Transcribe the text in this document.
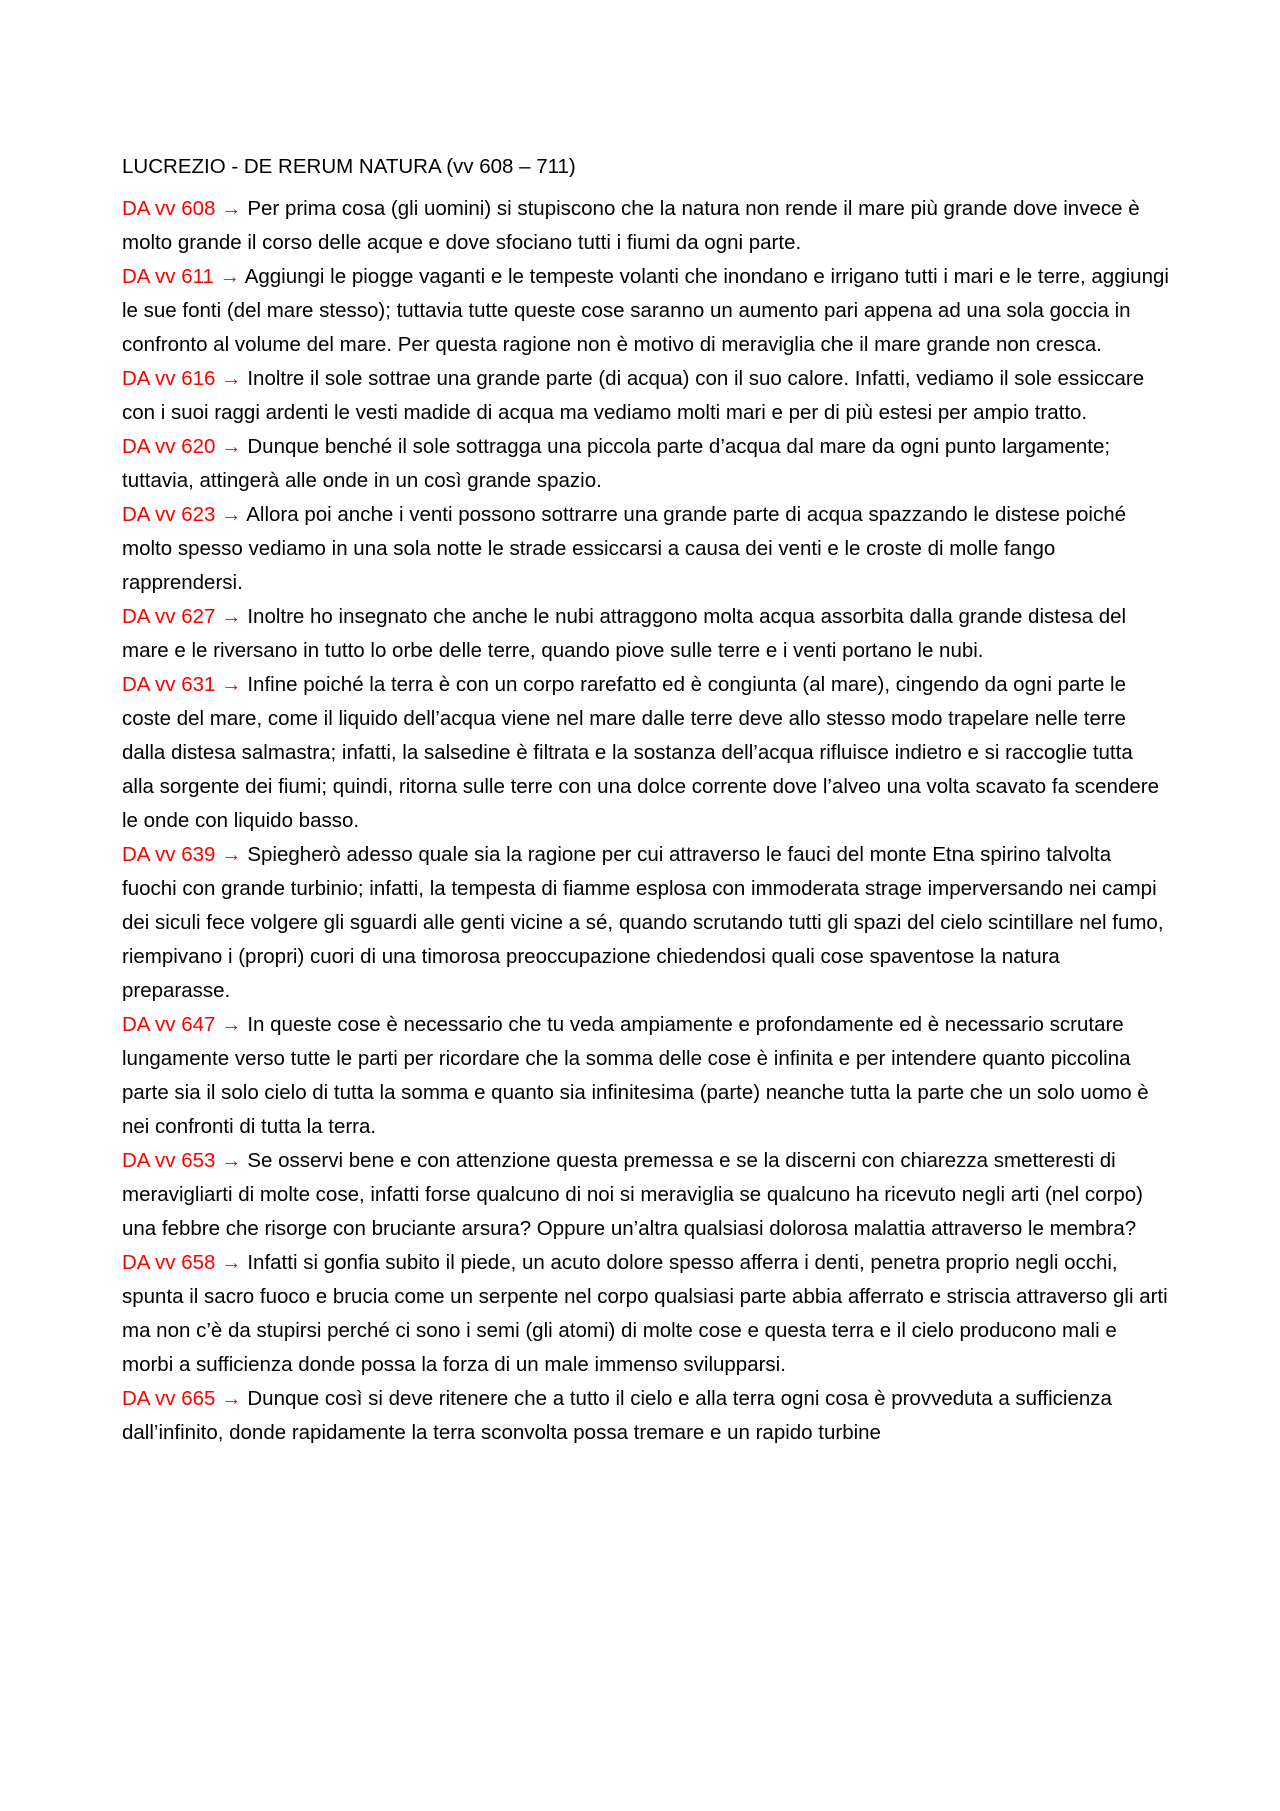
LUCREZIO - DE RERUM NATURA (vv 608 – 711)

DA vv 608 → Per prima cosa (gli uomini) si stupiscono che la natura non rende il mare più grande dove invece è molto grande il corso delle acque e dove sfociano tutti i fiumi da ogni parte.

DA vv 611 → Aggiungi le piogge vaganti e le tempeste volanti che inondano e irrigano tutti i mari e le terre, aggiungi le sue fonti (del mare stesso); tuttavia tutte queste cose saranno un aumento pari appena ad una sola goccia in confronto al volume del mare. Per questa ragione non è motivo di meraviglia che il mare grande non cresca.

DA vv 616 → Inoltre il sole sottrae una grande parte (di acqua) con il suo calore. Infatti, vediamo il sole essiccare con i suoi raggi ardenti le vesti madide di acqua ma vediamo molti mari e per di più estesi per ampio tratto.

DA vv 620 → Dunque benché il sole sottragga una piccola parte d’acqua dal mare da ogni punto largamente; tuttavia, attingerà alle onde in un così grande spazio.

DA vv 623 → Allora poi anche i venti possono sottrarre una grande parte di acqua spazzando le distese poiché molto spesso vediamo in una sola notte le strade essiccarsi a causa dei venti e le croste di molle fango rapprendersi.

DA vv 627 → Inoltre ho insegnato che anche le nubi attraggono molta acqua assorbita dalla grande distesa del mare e le riversano in tutto lo orbe delle terre, quando piove sulle terre e i venti portano le nubi.

DA vv 631 → Infine poiché la terra è con un corpo rarefatto ed è congiunta (al mare), cingendo da ogni parte le coste del mare, come il liquido dell’acqua viene nel mare dalle terre deve allo stesso modo trapelare nelle terre dalla distesa salmastra; infatti, la salsedine è filtrata e la sostanza dell’acqua rifluisce indietro e si raccoglie tutta alla sorgente dei fiumi; quindi, ritorna sulle terre con una dolce corrente dove l’alveo una volta scavato fa scendere le onde con liquido basso.

DA vv 639 → Spiegherò adesso quale sia la ragione per cui attraverso le fauci del monte Etna spirino talvolta fuochi con grande turbinio; infatti, la tempesta di fiamme esplosa con immoderata strage imperversando nei campi dei siculi fece volgere gli sguardi alle genti vicine a sé, quando scrutando tutti gli spazi del cielo scintillare nel fumo, riempivano i (propri) cuori di una timorosa preoccupazione chiedendosi quali cose spaventose la natura preparasse.

DA vv 647 → In queste cose è necessario che tu veda ampiamente e profondamente ed è necessario scrutare lungamente verso tutte le parti per ricordare che la somma delle cose è infinita e per intendere quanto piccolina parte sia il solo cielo di tutta la somma e quanto sia infinitesima (parte) neanche tutta la parte che un solo uomo è nei confronti di tutta la terra.

DA vv 653 → Se osservi bene e con attenzione questa premessa e se la discerni con chiarezza smetteresti di meravigliarti di molte cose, infatti forse qualcuno di noi si meraviglia se qualcuno ha ricevuto negli arti (nel corpo) una febbre che risorge con bruciante arsura? Oppure un’altra qualsiasi dolorosa malattia attraverso le membra?

DA vv 658 → Infatti si gonfia subito il piede, un acuto dolore spesso afferra i denti, penetra proprio negli occhi, spunta il sacro fuoco e brucia come un serpente nel corpo qualsiasi parte abbia afferrato e striscia attraverso gli arti ma non c’è da stupirsi perché ci sono i semi (gli atomi) di molte cose e questa terra e il cielo producono mali e morbi a sufficienza donde possa la forza di un male immenso svilupparsi.

DA vv 665 → Dunque così si deve ritenere che a tutto il cielo e alla terra ogni cosa è provveduta a sufficienza dall’infinito, donde rapidamente la terra sconvolta possa tremare e un rapido turbine
